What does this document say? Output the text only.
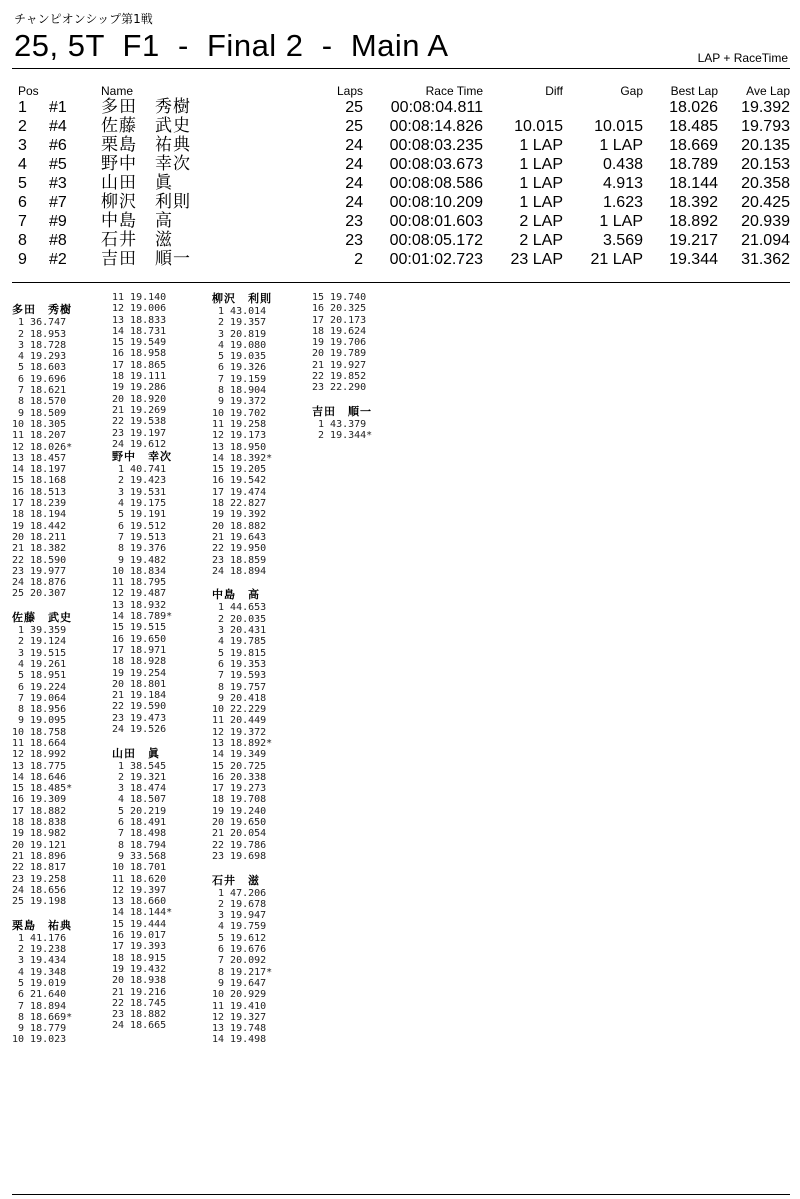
チャンピオンシップ第1戦
25, 5T  F1  -  Final 2  -  Main A	LAP + RaceTime
Pos		Name	Laps	Race Time	Diff	Gap	Best Lap	Ave Lap
1	#1	多田　秀樹	25	00:08:04.811			18.026	19.392
2	#4	佐藤　武史	25	00:08:14.826	10.015	10.015	18.485	19.793
3	#6	栗島　祐典	24	00:08:03.235	1 LAP	1 LAP	18.669	20.135
4	#5	野中　幸次	24	00:08:03.673	1 LAP	0.438	18.789	20.153
5	#3	山田　眞	24	00:08:08.586	1 LAP	4.913	18.144	20.358
6	#7	柳沢　利則	24	00:08:10.209	1 LAP	1.623	18.392	20.425
7	#9	中島　高	23	00:08:01.603	2 LAP	1 LAP	18.892	20.939
8	#8	石井　滋	23	00:08:05.172	2 LAP	3.569	19.217	21.094
9	#2	吉田　順一	2	00:01:02.723	23 LAP	21 LAP	19.344	31.362
多田　秀樹
1 36.747
2 18.953
3 18.728
4 19.293
5 18.603
6 19.696
7 18.621
8 18.570
9 18.509
10 18.305
11 18.207
12 18.026*
13 18.457
14 18.197
15 18.168
16 18.513
17 18.239
18 18.194
19 18.442
20 18.211
21 18.382
22 18.590
23 19.977
24 18.876
25 20.307
佐藤　武史
1 39.359
2 19.124
3 19.515
4 19.261
5 18.951
6 19.224
7 19.064
8 18.956
9 19.095
10 18.758
11 18.664
12 18.992
13 18.775
14 18.646
15 18.485*
16 19.309
17 18.882
18 18.838
19 18.982
20 19.121
21 18.896
22 18.817
23 19.258
24 18.656
25 19.198
栗島　祐典
1 41.176
2 19.238
3 19.434
4 19.348
5 19.019
6 21.640
7 18.894
8 18.669*
9 18.779
10 19.023
11 19.140
12 19.006
13 18.833
14 18.731
15 19.549
16 18.958
17 18.865
18 19.111
19 19.286
20 18.920
21 19.269
22 19.538
23 19.197
24 19.612
野中　幸次
1 40.741
2 19.423
3 19.531
4 19.175
5 19.191
6 19.512
7 19.513
8 19.376
9 19.482
10 18.834
11 18.795
12 19.487
13 18.932
14 18.789*
15 19.515
16 19.650
17 18.971
18 18.928
19 19.254
20 18.801
21 19.184
22 19.590
23 19.473
24 19.526
山田　眞
1 38.545
2 19.321
3 18.474
4 18.507
5 20.219
6 18.491
7 18.498
8 18.794
9 33.568
10 18.701
11 18.620
12 19.397
13 18.660
14 18.144*
15 19.444
16 19.017
17 19.393
18 18.915
19 19.432
20 18.938
21 19.216
22 18.745
23 18.882
24 18.665
柳沢　利則
1 43.014
2 19.357
3 20.819
4 19.080
5 19.035
6 19.326
7 19.159
8 18.904
9 19.372
10 19.702
11 19.258
12 19.173
13 18.950
14 18.392*
15 19.205
16 19.542
17 19.474
18 22.827
19 19.392
20 18.882
21 19.643
22 19.950
23 18.859
24 18.894
中島　高
1 44.653
2 20.035
3 20.431
4 19.785
5 19.815
6 19.353
7 19.593
8 19.757
9 20.418
10 22.229
11 20.449
12 19.372
13 18.892*
14 19.349
15 20.725
16 20.338
17 19.273
18 19.708
19 19.240
20 19.650
21 20.054
22 19.786
23 19.698
石井　滋
1 47.206
2 19.678
3 19.947
4 19.759
5 19.612
6 19.676
7 20.092
8 19.217*
9 19.647
10 20.929
11 19.410
12 19.327
13 19.748
14 19.498
15 19.740
16 20.325
17 20.173
18 19.624
19 19.706
20 19.789
21 19.927
22 19.852
23 22.290
吉田　順一
1 43.379
2 19.344*
